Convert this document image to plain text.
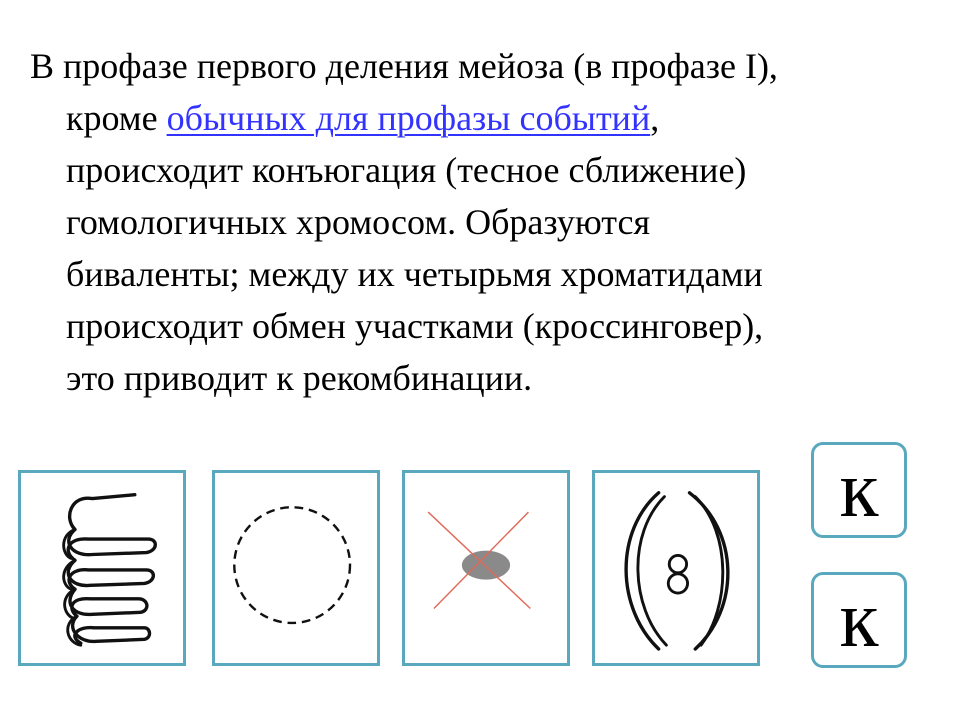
В профазе первого деления мейоза (в профазе I),
кроме обычных для профазы событий,
происходит конъюгация (тесное сближение)
гомологичных хромосом. Образуются
биваленты; между их четырьмя хроматидами
происходит обмен участками (кроссинговер),
это приводит к рекомбинации.
к
к
